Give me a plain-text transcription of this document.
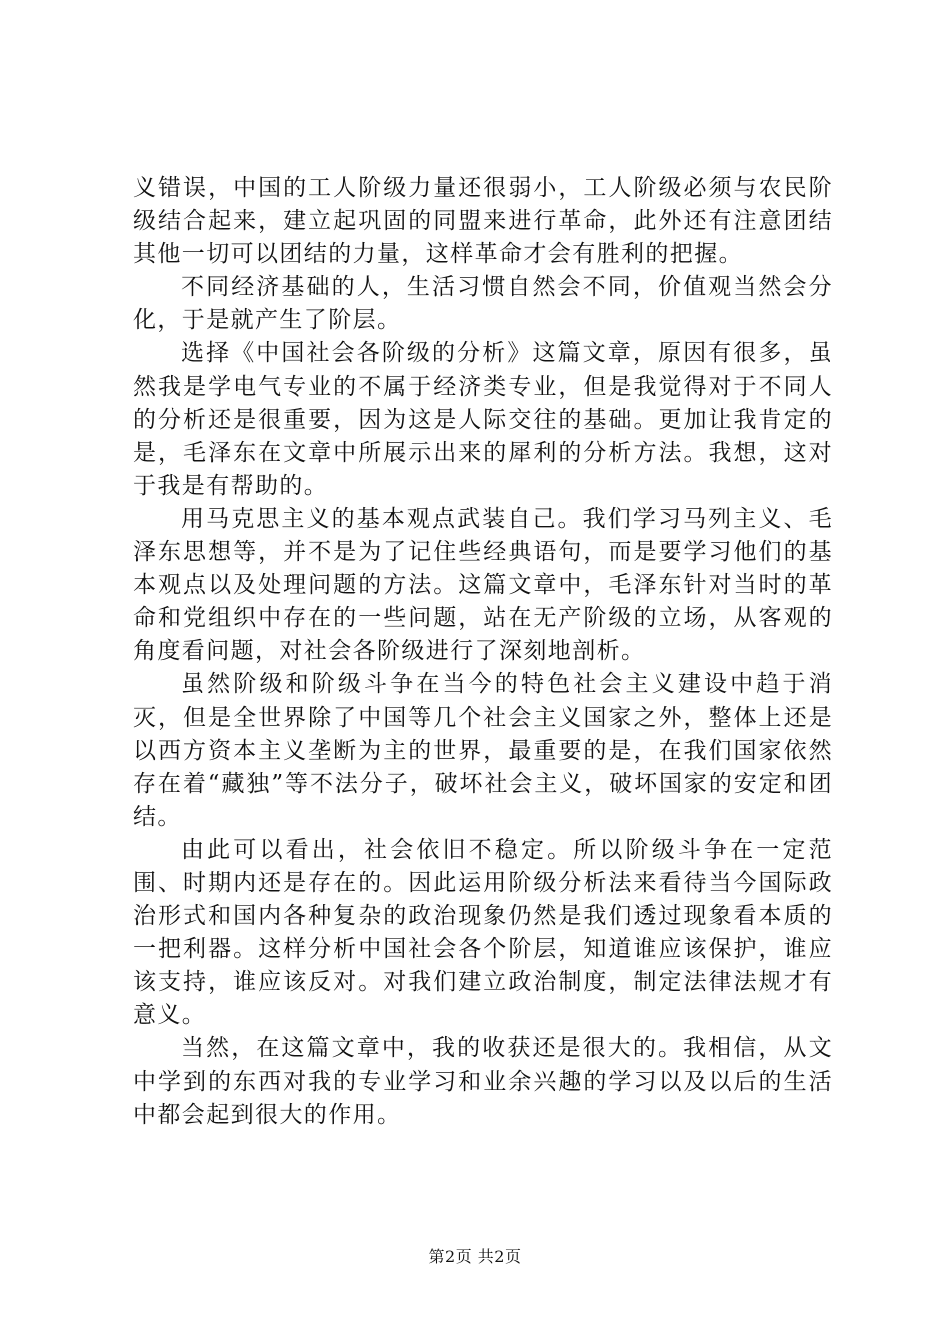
义错误，中国的工人阶级力量还很弱小，工人阶级必须与农民阶级结合起来，建立起巩固的同盟来进行革命，此外还有注意团结其他一切可以团结的力量，这样革命才会有胜利的把握。

不同经济基础的人，生活习惯自然会不同，价值观当然会分化，于是就产生了阶层。

选择《中国社会各阶级的分析》这篇文章，原因有很多，虽然我是学电气专业的不属于经济类专业，但是我觉得对于不同人的分析还是很重要，因为这是人际交往的基础。更加让我肯定的是，毛泽东在文章中所展示出来的犀利的分析方法。我想，这对于我是有帮助的。

用马克思主义的基本观点武装自己。我们学习马列主义、毛泽东思想等，并不是为了记住些经典语句，而是要学习他们的基本观点以及处理问题的方法。这篇文章中，毛泽东针对当时的革命和党组织中存在的一些问题，站在无产阶级的立场，从客观的角度看问题，对社会各阶级进行了深刻地剖析。

虽然阶级和阶级斗争在当今的特色社会主义建设中趋于消灭，但是全世界除了中国等几个社会主义国家之外，整体上还是以西方资本主义垄断为主的世界，最重要的是，在我们国家依然存在着“藏独”等不法分子，破坏社会主义，破坏国家的安定和团结。

由此可以看出，社会依旧不稳定。所以阶级斗争在一定范围、时期内还是存在的。因此运用阶级分析法来看待当今国际政治形式和国内各种复杂的政治现象仍然是我们透过现象看本质的一把利器。这样分析中国社会各个阶层，知道谁应该保护，谁应该支持，谁应该反对。对我们建立政治制度，制定法律法规才有意义。

当然，在这篇文章中，我的收获还是很大的。我相信，从文中学到的东西对我的专业学习和业余兴趣的学习以及以后的生活中都会起到很大的作用。

第2页 共2页
